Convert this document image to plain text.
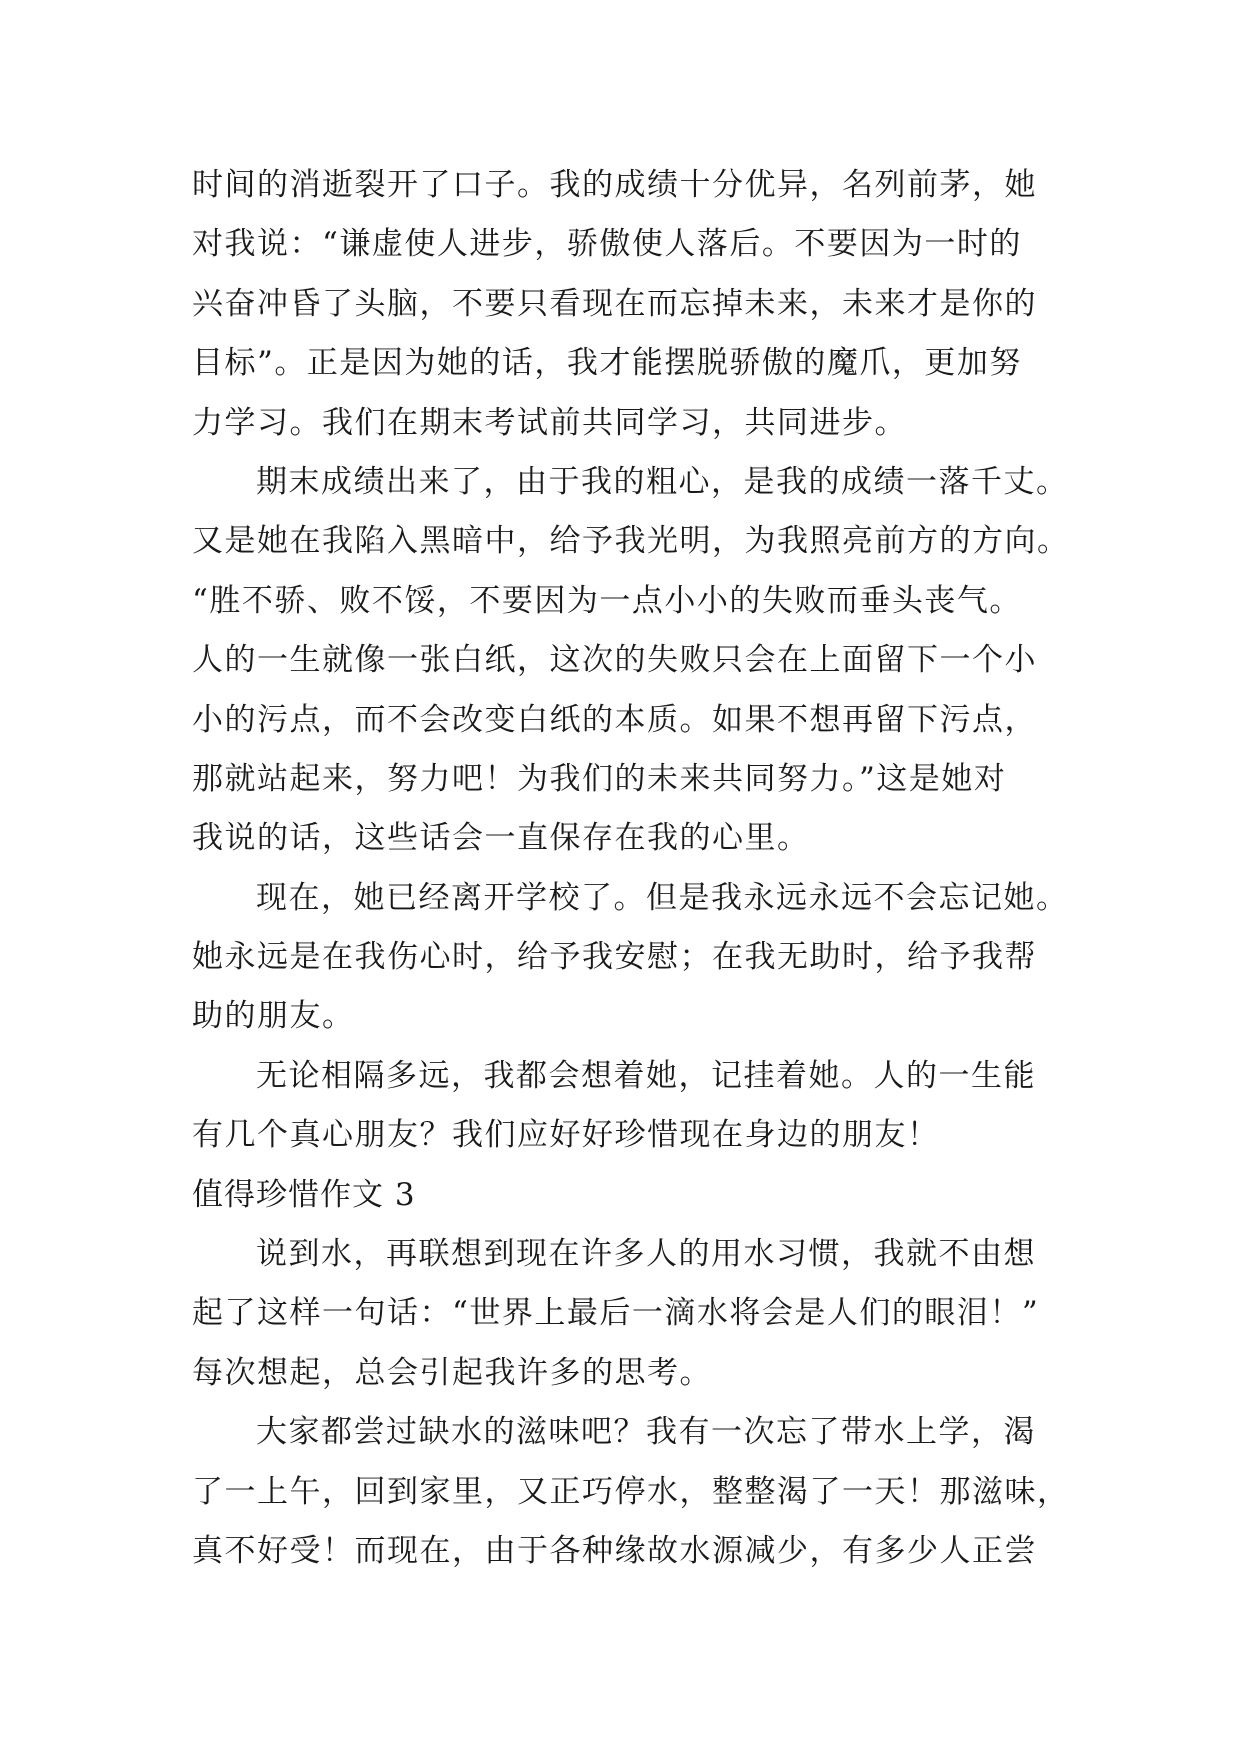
时间的消逝裂开了口子。我的成绩十分优异，名列前茅，她
对我说：“谦虚使人进步，骄傲使人落后。不要因为一时的
兴奋冲昏了头脑，不要只看现在而忘掉未来，未来才是你的
目标”。正是因为她的话，我才能摆脱骄傲的魔爪，更加努
力学习。我们在期末考试前共同学习，共同进步。
期末成绩出来了，由于我的粗心，是我的成绩一落千丈。
又是她在我陷入黑暗中，给予我光明，为我照亮前方的方向。
“胜不骄、败不馁，不要因为一点小小的失败而垂头丧气。
人的一生就像一张白纸，这次的失败只会在上面留下一个小
小的污点，而不会改变白纸的本质。如果不想再留下污点，
那就站起来，努力吧！为我们的未来共同努力。”这是她对
我说的话，这些话会一直保存在我的心里。
现在，她已经离开学校了。但是我永远永远不会忘记她。
她永远是在我伤心时，给予我安慰；在我无助时，给予我帮
助的朋友。
无论相隔多远，我都会想着她，记挂着她。人的一生能
有几个真心朋友？我们应好好珍惜现在身边的朋友！
值得珍惜作文 3
说到水，再联想到现在许多人的用水习惯，我就不由想
起了这样一句话：“世界上最后一滴水将会是人们的眼泪！”
每次想起，总会引起我许多的思考。
大家都尝过缺水的滋味吧？我有一次忘了带水上学，渴
了一上午，回到家里，又正巧停水，整整渴了一天！那滋味，
真不好受！而现在，由于各种缘故水源减少，有多少人正尝
